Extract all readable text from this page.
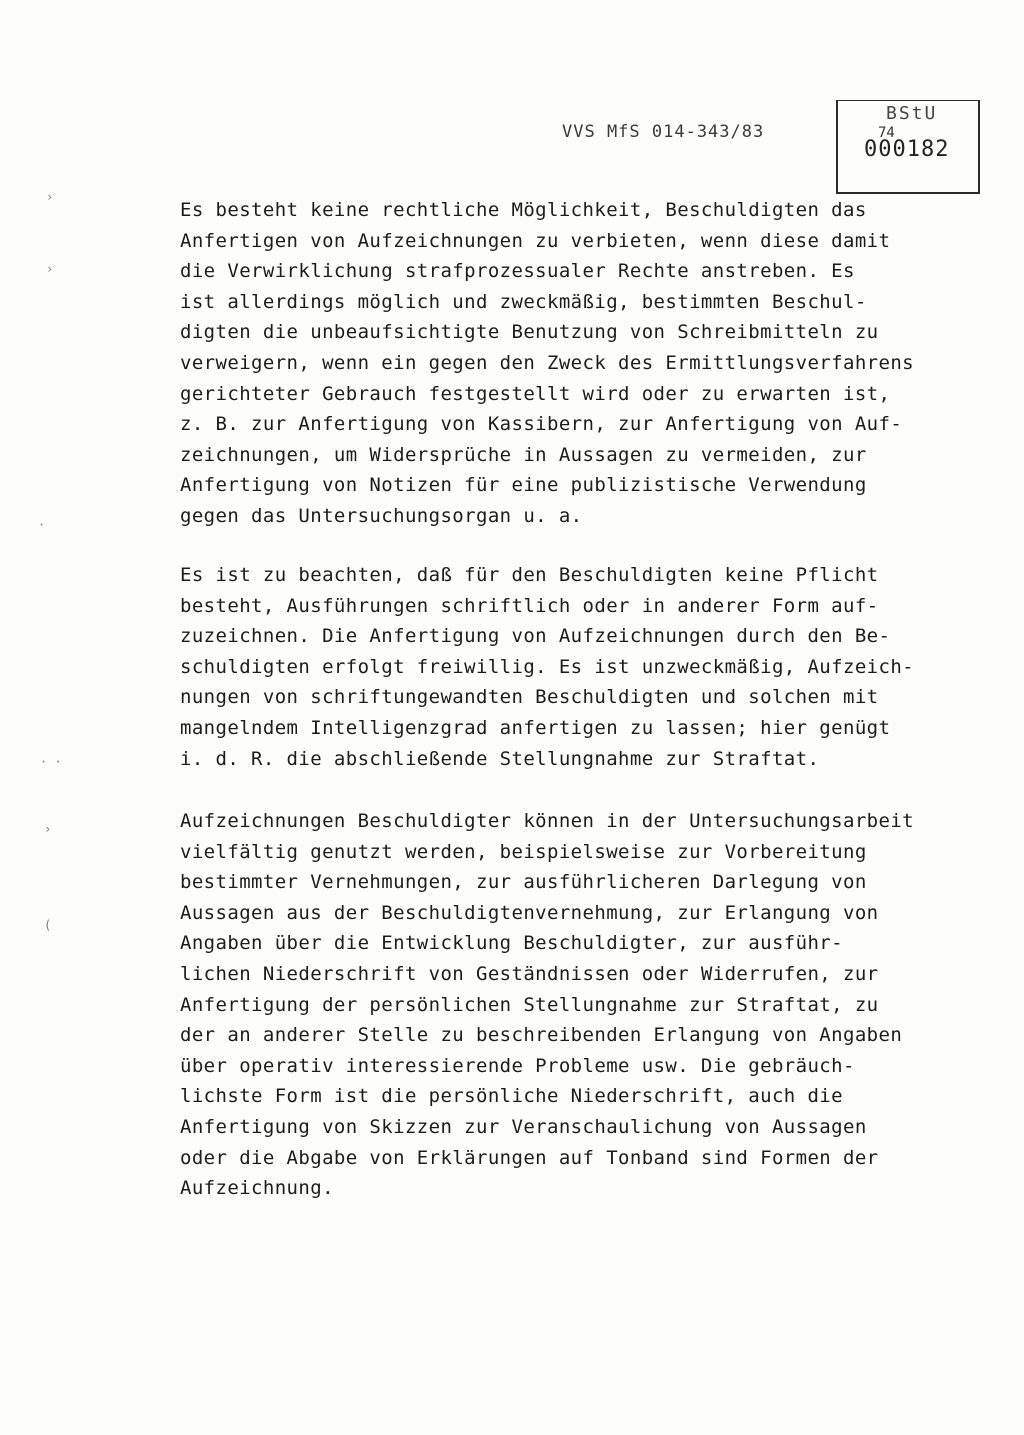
VVS MfS 014-343/83
BStU
74
000182
›
›
·
· ·
›
(
Es besteht keine rechtliche Möglichkeit, Beschuldigten das
Anfertigen von Aufzeichnungen zu verbieten, wenn diese damit
die Verwirklichung strafprozessualer Rechte anstreben. Es
ist allerdings möglich und zweckmäßig, bestimmten Beschul-
digten die unbeaufsichtigte Benutzung von Schreibmitteln zu
verweigern, wenn ein gegen den Zweck des Ermittlungsverfahrens
gerichteter Gebrauch festgestellt wird oder zu erwarten ist,
z. B. zur Anfertigung von Kassibern, zur Anfertigung von Auf-
zeichnungen, um Widersprüche in Aussagen zu vermeiden, zur
Anfertigung von Notizen für eine publizistische Verwendung
gegen das Untersuchungsorgan u. a.
Es ist zu beachten, daß für den Beschuldigten keine Pflicht
besteht, Ausführungen schriftlich oder in anderer Form auf-
zuzeichnen. Die Anfertigung von Aufzeichnungen durch den Be-
schuldigten erfolgt freiwillig. Es ist unzweckmäßig, Aufzeich-
nungen von schriftungewandten Beschuldigten und solchen mit
mangelndem Intelligenzgrad anfertigen zu lassen; hier genügt
i. d. R. die abschließende Stellungnahme zur Straftat.
Aufzeichnungen Beschuldigter können in der Untersuchungsarbeit
vielfältig genutzt werden, beispielsweise zur Vorbereitung
bestimmter Vernehmungen, zur ausführlicheren Darlegung von
Aussagen aus der Beschuldigtenvernehmung, zur Erlangung von
Angaben über die Entwicklung Beschuldigter, zur ausführ-
lichen Niederschrift von Geständnissen oder Widerrufen, zur
Anfertigung der persönlichen Stellungnahme zur Straftat, zu
der an anderer Stelle zu beschreibenden Erlangung von Angaben
über operativ interessierende Probleme usw. Die gebräuch-
lichste Form ist die persönliche Niederschrift, auch die
Anfertigung von Skizzen zur Veranschaulichung von Aussagen
oder die Abgabe von Erklärungen auf Tonband sind Formen der
Aufzeichnung.
